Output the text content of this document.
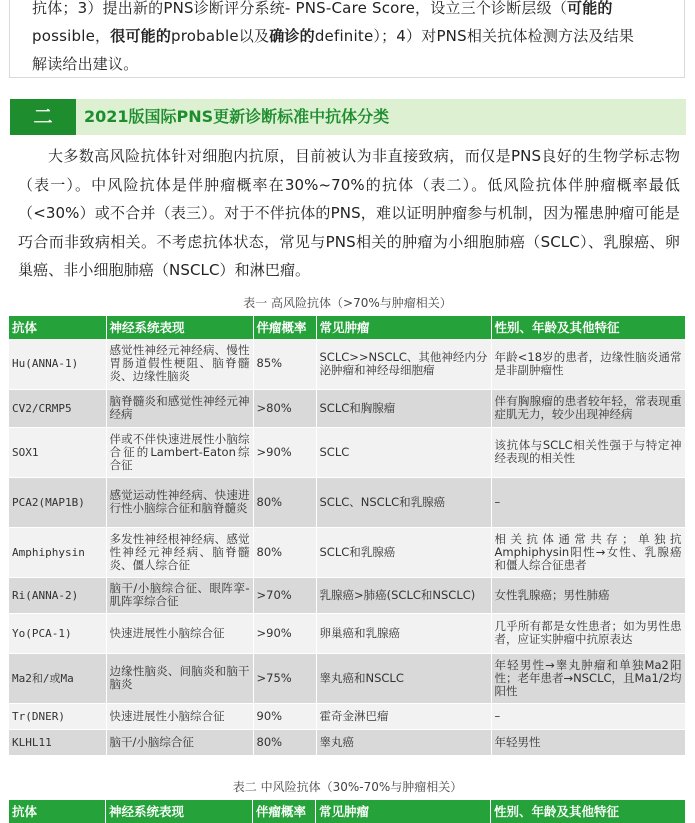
抗体；3）提出新的PNS诊断评分系统- PNS-Care Score，设立三个诊断层级（可能的

possible，很可能的probable以及确诊的definite）；4）对PNS相关抗体检测方法及结果

解读给出建议。

二	2021版国际PNS更新诊断标准中抗体分类

大多数高风险抗体针对细胞内抗原，目前被认为非直接致病，而仅是PNS良好的生物学标志物（表一）。中风险抗体是伴肿瘤概率在30%~70%的抗体（表二）。低风险抗体伴肿瘤概率最低（<30%）或不合并（表三）。对于不伴抗体的PNS，难以证明肿瘤参与机制，因为罹患肿瘤可能是巧合而非致病相关。不考虑抗体状态，常见与PNS相关的肿瘤为小细胞肺癌（SCLC）、乳腺癌、卵巢癌、非小细胞肺癌（NSCLC）和淋巴瘤。

表一 高风险抗体（>70%与肿瘤相关）
抗体	神经系统表现	伴瘤概率	常见肿瘤	性别、年龄及其他特征
Hu(ANNA-1)	感觉性神经元神经病、慢性胃肠道假性梗阻、脑脊髓炎、边缘性脑炎	85%	SCLC>>NSCLC、其他神经内分泌肿瘤和神经母细胞瘤	年龄<18岁的患者，边缘性脑炎通常是非副肿瘤性
CV2/CRMP5	脑脊髓炎和感觉性神经元神经病	>80%	SCLC和胸腺瘤	伴有胸腺瘤的患者较年轻，常表现重症肌无力，较少出现神经病
SOX1	伴或不伴快速进展性小脑综合征的Lambert-Eaton综合征	>90%	SCLC	该抗体与SCLC相关性强于与特定神经表现的相关性
PCA2(MAP1B)	感觉运动性神经病、快速进行性小脑综合征和脑脊髓炎	80%	SCLC、NSCLC和乳腺癌	–
Amphiphysin	多发性神经根神经病、感觉性神经元神经病、脑脊髓炎、僵人综合征	80%	SCLC和乳腺癌	相关抗体通常共存；单独抗Amphiphysin阳性→女性、乳腺癌和僵人综合征患者
Ri(ANNA-2)	脑干/小脑综合征、眼阵挛-肌阵挛综合征	>70%	乳腺癌>肺癌(SCLC和NSCLC)	女性乳腺癌；男性肺癌
Yo(PCA-1)	快速进展性小脑综合征	>90%	卵巢癌和乳腺癌	几乎所有都是女性患者；如为男性患者，应证实肿瘤中抗原表达
Ma2和/或Ma	边缘性脑炎、间脑炎和脑干脑炎	>75%	睾丸癌和NSCLC	年轻男性→睾丸肿瘤和单独Ma2阳性；老年患者→NSCLC，且Ma1/2均阳性
Tr(DNER)	快速进展性小脑综合征	90%	霍奇金淋巴瘤	–
KLHL11	脑干/小脑综合征	80%	睾丸癌	年轻男性
表二 中风险抗体（30%-70%与肿瘤相关）
抗体	神经系统表现	伴瘤概率	常见肿瘤	性别、年龄及其他特征
